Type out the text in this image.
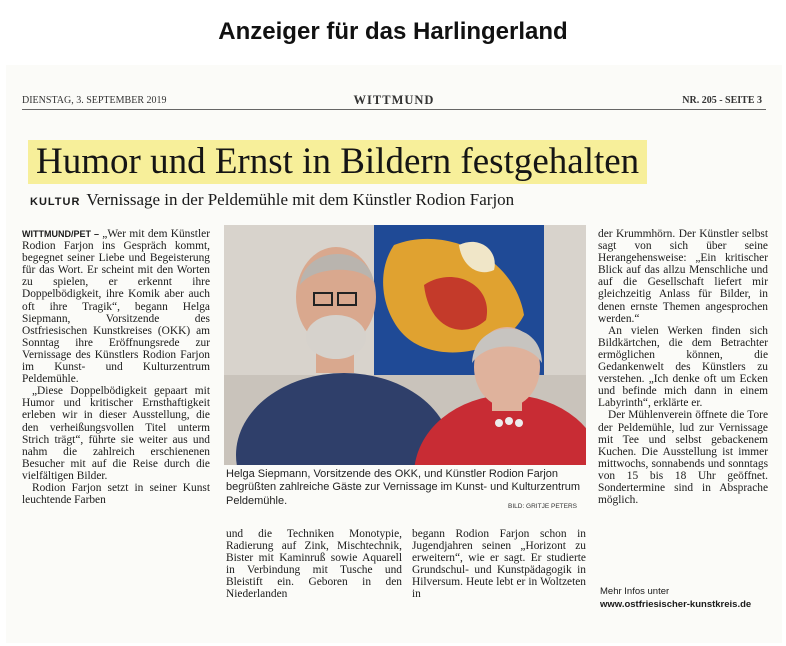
Anzeiger für das Harlingerland
DIENSTAG, 3. SEPTEMBER 2019	WITTMUND	NR. 205 - SEITE 3
Humor und Ernst in Bildern festgehalten
KULTUR Vernissage in der Peldemühle mit dem Künstler Rodion Farjon

WITTMUND/PET – „Wer mit dem Künstler Rodion Farjon ins Gespräch kommt, begegnet seiner Liebe und Begeisterung für das Wort. Er scheint mit den Worten zu spielen, er erkennt ihre Doppelbödigkeit, ihre Komik aber auch oft ihre Tragik“, begann Helga Siepmann, Vorsitzende des Ostfriesischen Kunstkreises (OKK) am Sonntag ihre Eröffnungsrede zur Vernissage des Künstlers Rodion Farjon im Kunst- und Kulturzentrum Peldemühle.

„Diese Doppelbödigkeit gepaart mit Humor und kritischer Ernsthaftigkeit erleben wir in dieser Ausstellung, die den verheißungsvollen Titel unterm Strich trägt“, führte sie weiter aus und nahm die zahlreich erschienenen Besucher mit auf die Reise durch die vielfältigen Bilder.

Rodion Farjon setzt in seiner Kunst leuchtende Farben

Helga Siepmann, Vorsitzende des OKK, und Künstler Rodion Farjon begrüßten zahlreiche Gäste zur Vernissage im Kunst- und Kulturzentrum Peldemühle.	BILD: GRITJE PETERS

und die Techniken Monotypie, Radierung auf Zink, Mischtechnik, Bister mit Kaminruß sowie Aquarell in Verbindung mit Tusche und Bleistift ein. Geboren in den Niederlanden

begann Rodion Farjon schon in Jugendjahren seinen „Horizont zu erweitern“, wie er sagt. Er studierte Grundschul- und Kunstpädagogik in Hilversum. Heute lebt er in Woltzeten in

der Krummhörn. Der Künstler selbst sagt von sich über seine Herangehensweise: „Ein kritischer Blick auf das allzu Menschliche und auf die Gesellschaft liefert mir gleichzeitig Anlass für Bilder, in denen ernste Themen angesprochen werden.“

An vielen Werken finden sich Bildkärtchen, die dem Betrachter ermöglichen können, die Gedankenwelt des Künstlers zu verstehen. „Ich denke oft um Ecken und befinde mich dann in einem Labyrinth“, erklärte er.

Der Mühlenverein öffnete die Tore der Peldemühle, lud zur Vernissage mit Tee und selbst gebackenem Kuchen. Die Ausstellung ist immer mittwochs, sonnabends und sonntags von 15 bis 18 Uhr geöffnet. Sondertermine sind in Absprache möglich.

Mehr Infos unter
www.ostfriesischer-kunstkreis.de
